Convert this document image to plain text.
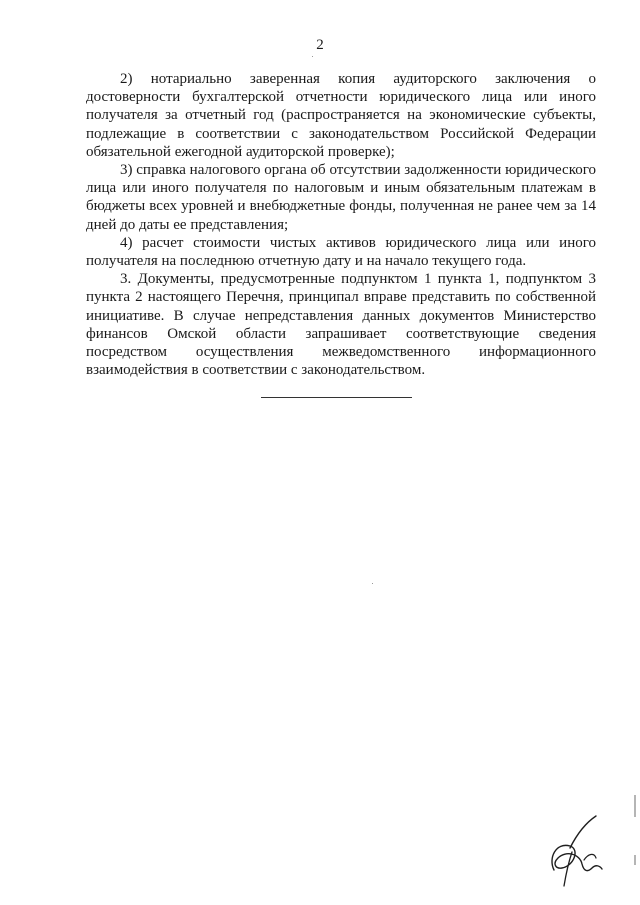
2

2) нотариально заверенная копия аудиторского заключения о достоверности бухгалтерской отчетности юридического лица или иного получателя за отчетный год (распространяется на экономические субъекты, подлежащие в соответствии с законодательством Российской Федерации обязательной ежегодной аудиторской проверке);

3) справка налогового органа об отсутствии задолженности юридического лица или иного получателя по налоговым и иным обязательным платежам в бюджеты всех уровней и внебюджетные фонды, полученная не ранее чем за 14 дней до даты ее представления;

4) расчет стоимости чистых активов юридического лица или иного получателя на последнюю отчетную дату и на начало текущего года.

3. Документы, предусмотренные подпунктом 1 пункта 1, подпунктом 3 пункта 2 настоящего Перечня, принципал вправе представить по собственной инициативе. В случае непредставления данных документов Министерство финансов Омской области запрашивает соответствующие сведения посредством осуществления межведомственного информационного взаимодействия в соответствии с законодательством.
